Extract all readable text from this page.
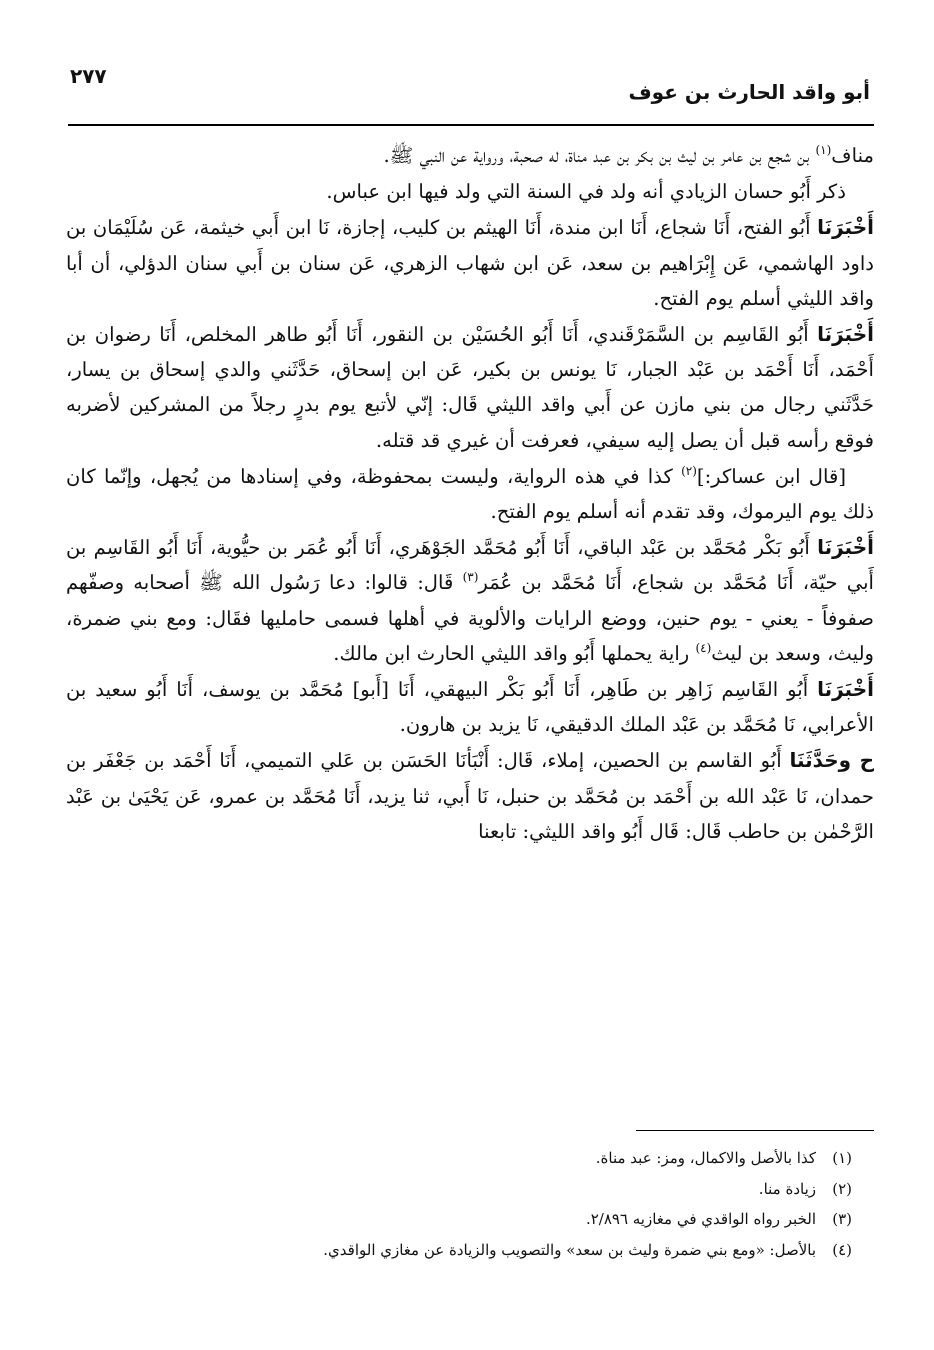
أبو واقد الحارث بن عوف
٢٧٧

مناف$^{(١)}$ بن شجع بن عامر بن ليث بن بكر بن عبد مناة، له صحبة، ورواية عن النبي ﷺ.

ذكر أَبُو حسان الزيادي أنه ولد في السنة التي ولد فيها ابن عباس.

أَخْبَرَنَا أَبُو الفتح، أَنَا شجاع، أَنَا ابن مندة، أَنَا الهيثم بن كليب، إجازة، نَا ابن أَبي خيثمة، عَن سُلَيْمَان بن داود الهاشمي، عَن إِبْرَاهيم بن سعد، عَن ابن شهاب الزهري، عَن سنان بن أَبي سنان الدؤلي، أن أبا واقد الليثي أسلم يوم الفتح.

أَخْبَرَنَا أَبُو القَاسِم بن السَّمَرْقَندي، أَنَا أَبُو الحُسَيْن بن النقور، أَنَا أَبُو طاهر المخلص، أَنَا رضوان بن أَحْمَد، أَنَا أَحْمَد بن عَبْد الجبار، نَا يونس بن بكير، عَن ابن إسحاق، حَدَّثَني والدي إسحاق بن يسار، حَدَّثَني رجال من بني مازن عن أَبي واقد الليثي قَال: إنّي لأتبع يوم بدرٍ رجلاً من المشركين لأضربه فوقع رأسه قبل أن يصل إليه سيفي، فعرفت أن غيري قد قتله.

[قال ابن عساكر:]$^{(٢)}$ كذا في هذه الرواية، وليست بمحفوظة، وفي إسنادها من يُجهل، وإنّما كان ذلك يوم اليرموك، وقد تقدم أنه أسلم يوم الفتح.

أَخْبَرَنَا أَبُو بَكْر مُحَمَّد بن عَبْد الباقي، أَنَا أَبُو مُحَمَّد الجَوْهَري، أَنَا أَبُو عُمَر بن حيُّوية، أَنَا أَبُو القَاسِم بن أَبي حيّة، أَنَا مُحَمَّد بن شجاع، أَنَا مُحَمَّد بن عُمَر$^{(٣)}$ قَال: قالوا: دعا رَسُول الله ﷺ أصحابه وصفّهم صفوفاً - يعني - يوم حنين، ووضع الرايات والألوية في أهلها فسمى حامليها فقَال: ومع بني ضمرة، وليث، وسعد بن ليث$^{(٤)}$ راية يحملها أَبُو واقد الليثي الحارث ابن مالك.

أَخْبَرَنَا أَبُو القَاسِم زَاهِر بن طَاهِر، أَنَا أَبُو بَكْر البيهقي، أَنَا [أَبو] مُحَمَّد بن يوسف، أَنَا أَبُو سعيد بن الأعرابي، نَا مُحَمَّد بن عَبْد الملك الدقيقي، نَا يزيد بن هارون.

ح وحَدَّثَنَا أَبُو القاسم بن الحصين، إملاء، قَال: أَنْبَأنَا الحَسَن بن عَلي التميمي، أَنَا أَحْمَد بن جَعْفَر بن حمدان، نَا عَبْد الله بن أَحْمَد بن مُحَمَّد بن حنبل، نَا أَبي، ثنا يزيد، أَنَا مُحَمَّد بن عمرو، عَن يَحْيَىٰ بن عَبْد الرَّحْمٰن بن حاطب قَال: قَال أَبُو واقد الليثي: تابعنا

(١)
كذا بالأصل والاكمال، ومز: عبد مناة.
(٢)
زيادة منا.
(٣)
الخبر رواه الواقدي في مغازيه ٢/٨٩٦.
(٤)
بالأصل: «ومع بني ضمرة وليث بن سعد» والتصويب والزيادة عن مغازي الواقدي.
